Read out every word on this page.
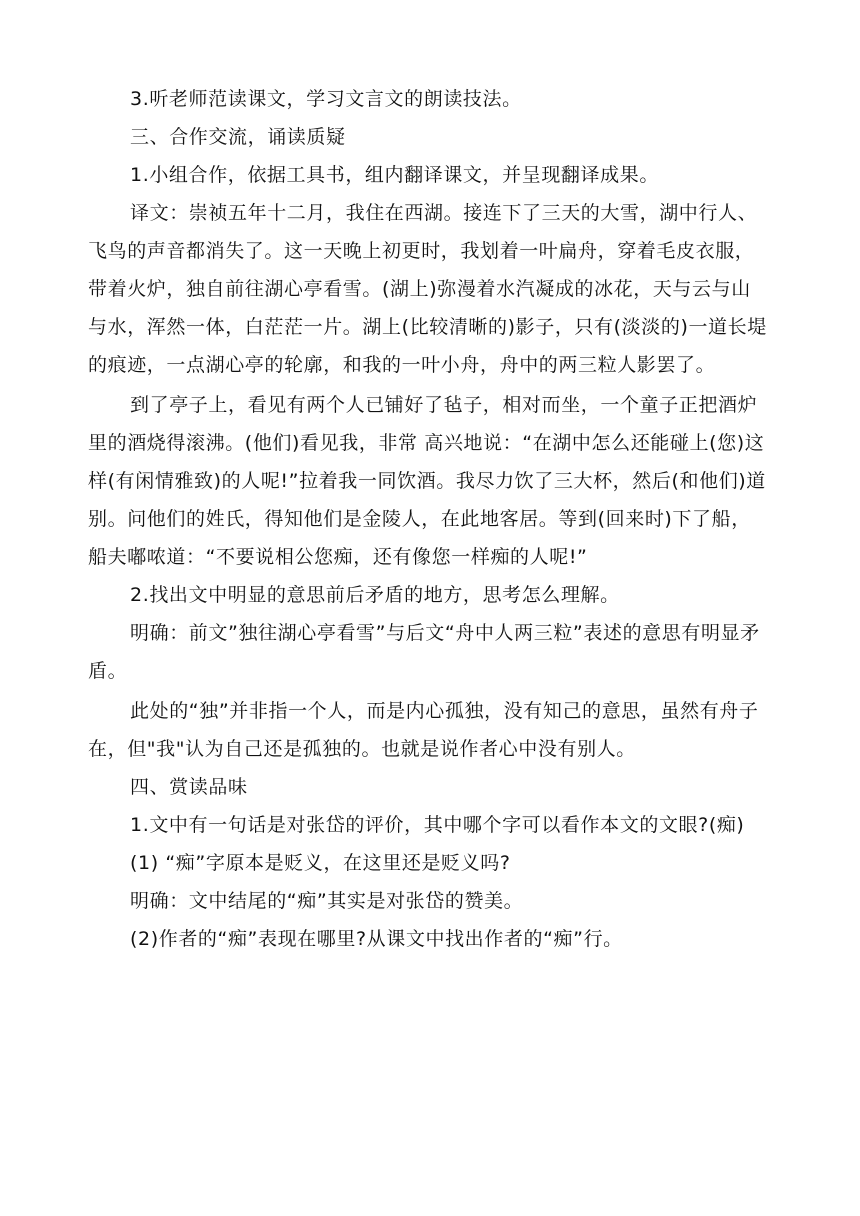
3.听老师范读课文，学习文言文的朗读技法。

三、合作交流，诵读质疑

1.小组合作，依据工具书，组内翻译课文，并呈现翻译成果。

译文：崇祯五年十二月，我住在西湖。接连下了三天的大雪，湖中行人、飞鸟的声音都消失了。这一天晚上初更时，我划着一叶扁舟，穿着毛皮衣服，带着火炉，独自前往湖心亭看雪。(湖上)弥漫着水汽凝成的冰花，天与云与山与水，浑然一体，白茫茫一片。湖上(比较清晰的)影子，只有(淡淡的)一道长堤的痕迹，一点湖心亭的轮廓，和我的一叶小舟，舟中的两三粒人影罢了。

到了亭子上，看见有两个人已铺好了毡子，相对而坐，一个童子正把酒炉里的酒烧得滚沸。(他们)看见我，非常 高兴地说：“在湖中怎么还能碰上(您)这样(有闲情雅致)的人呢!”拉着我一同饮酒。我尽力饮了三大杯，然后(和他们)道别。问他们的姓氏，得知他们是金陵人，在此地客居。等到(回来时)下了船，船夫嘟哝道：“不要说相公您痴，还有像您一样痴的人呢!”

2.找出文中明显的意思前后矛盾的地方，思考怎么理解。

明确：前文”独往湖心亭看雪”与后文“舟中人两三粒”表述的意思有明显矛盾。

此处的“独”并非指一个人，而是内心孤独，没有知己的意思，虽然有舟子在，但"我"认为自己还是孤独的。也就是说作者心中没有别人。

四、赏读品味

1.文中有一句话是对张岱的评价，其中哪个字可以看作本文的文眼?(痴)

(1) “痴”字原本是贬义，在这里还是贬义吗?

明确：文中结尾的“痴”其实是对张岱的赞美。

(2)作者的“痴”表现在哪里?从课文中找出作者的“痴”行。
